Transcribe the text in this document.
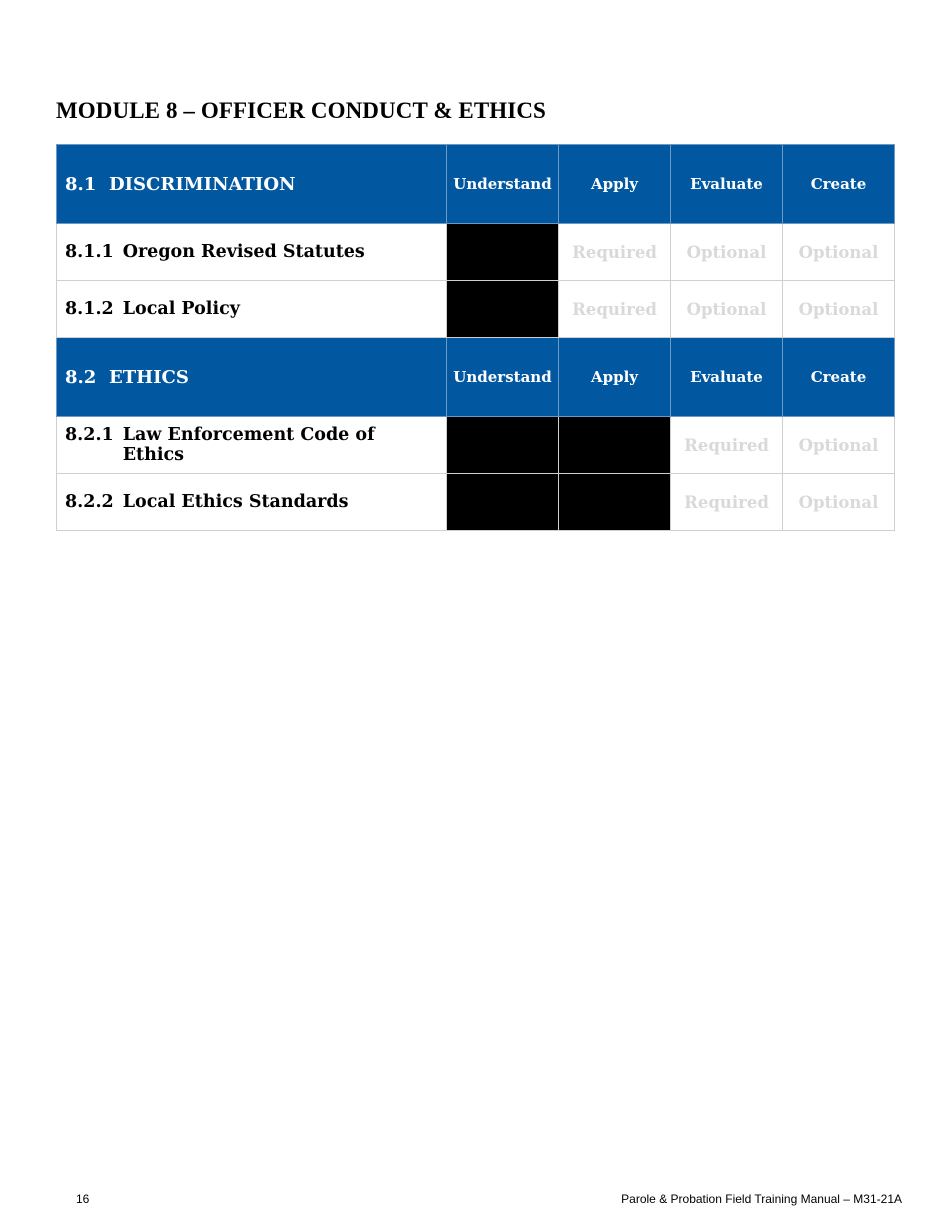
MODULE 8 – OFFICER CONDUCT & ETHICS
8.1 DISCRIMINATION	Understand	Apply	Evaluate	Create

8.1.1 Oregon Revised Statutes		Required	Optional	Optional

8.1.2 Local Policy		Required	Optional	Optional
8.2 ETHICS	Understand	Apply	Evaluate	Create

8.2.1 Law Enforcement Code of Ethics			Required	Optional

8.2.2 Local Ethics Standards			Required	Optional
16	Parole & Probation Field Training Manual – M31-21A
